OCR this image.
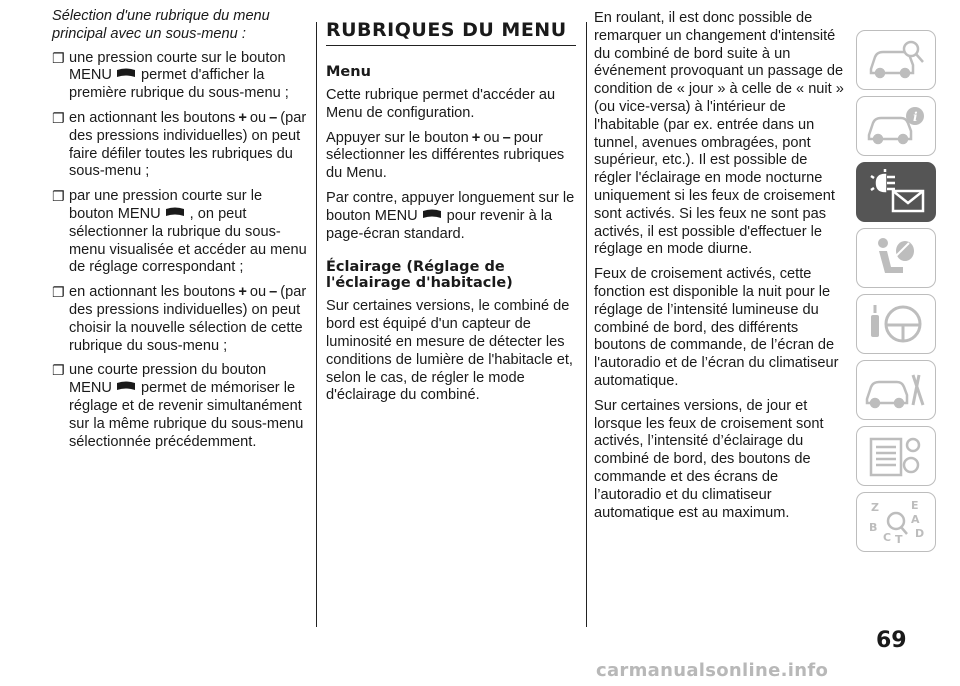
Sélection d'une rubrique du menu principal avec un sous-menu :

❐ une pression courte sur le bouton MENU permet d'afficher la première rubrique du sous-menu ;

❐ en actionnant les boutons + ou – (par des pressions individuelles) on peut faire défiler toutes les rubriques du sous-menu ;

❐ par une pression courte sur le bouton MENU , on peut sélectionner la rubrique du sous-menu visualisée et accéder au menu de réglage correspondant ;

❐ en actionnant les boutons + ou – (par des pressions individuelles) on peut choisir la nouvelle sélection de cette rubrique du sous-menu ;

❐ une courte pression du bouton MENU permet de mémoriser le réglage et de revenir simultanément sur la même rubrique du sous-menu sélectionnée précédemment.

RUBRIQUES DU MENU
Menu

Cette rubrique permet d'accéder au Menu de configuration.

Appuyer sur le bouton + ou – pour sélectionner les différentes rubriques du Menu.

Par contre, appuyer longuement sur le bouton MENU pour revenir à la page-écran standard.

Éclairage (Réglage de l'éclairage d'habitacle)

Sur certaines versions, le combiné de bord est équipé d'un capteur de luminosité en mesure de détecter les conditions de lumière de l'habitacle et, selon le cas, de régler le mode d'éclairage du combiné.

En roulant, il est donc possible de remarquer un changement d'intensité du combiné de bord suite à un événement provoquant un passage de condition de « jour » à celle de « nuit » (ou vice-versa) à l'intérieur de l'habitable (par ex. entrée dans un tunnel, avenues ombragées, pont supérieur, etc.). Il est possible de régler l'éclairage en mode nocturne uniquement si les feux de croisement sont activés. Si les feux ne sont pas activés, il est possible d'effectuer le réglage en mode diurne.

Feux de croisement activés, cette fonction est disponible la nuit pour le réglage de l’intensité lumineuse du combiné de bord, des différents boutons de commande, de l’écran de l'autoradio et de l’écran du climatiseur automatique.

Sur certaines versions, de jour et lorsque les feux de croisement sont activés, l’intensité d’éclairage du combiné de bord, des boutons de commande et des écrans de l’autoradio et du climatiseur automatique est au maximum.

i
Z	E
A
B
C T D
69
carmanualsonline.info
